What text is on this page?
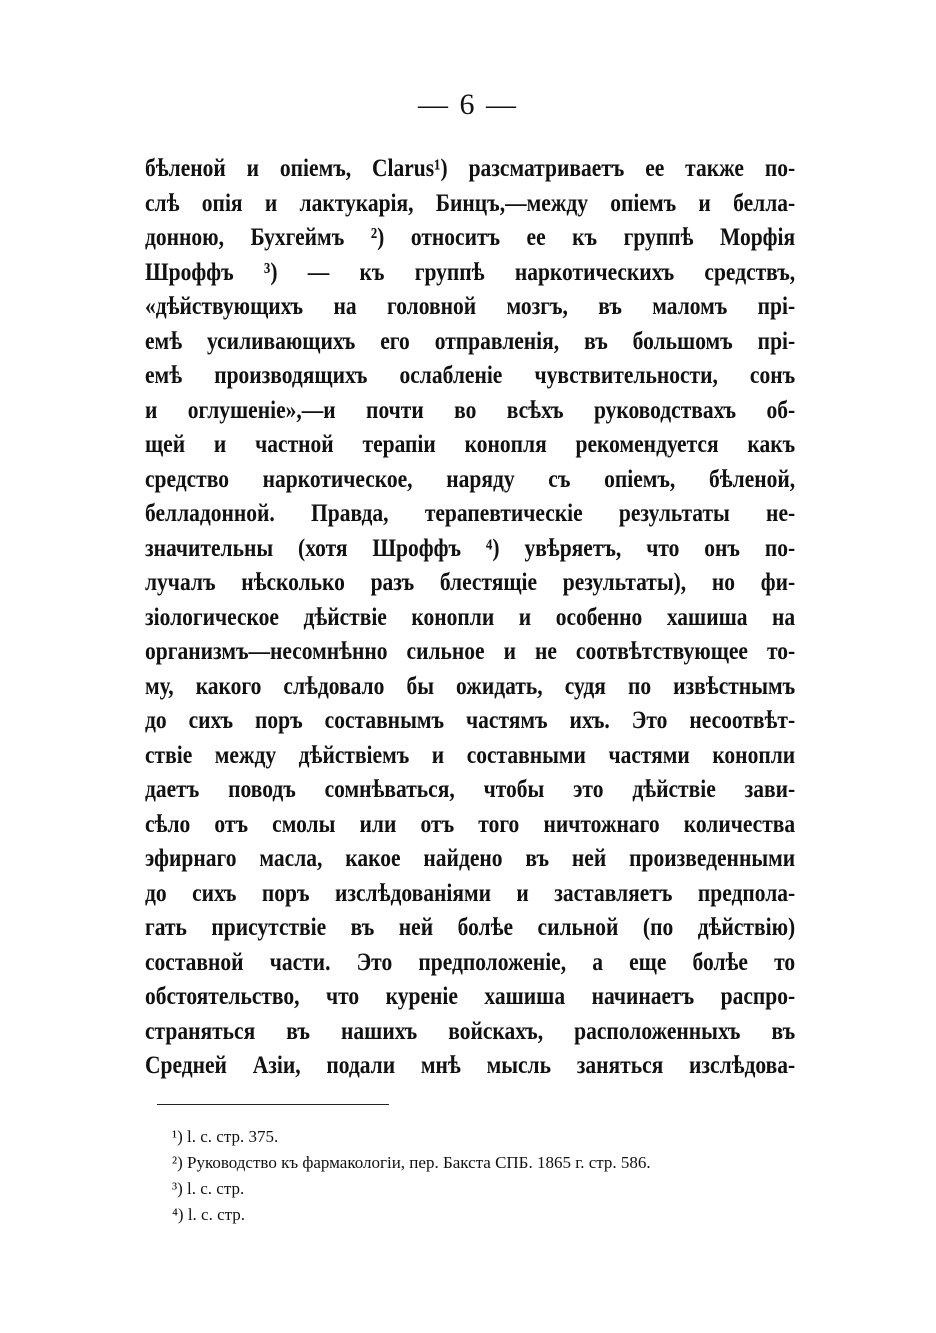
— 6 —
бѣленой и опiемъ, Clarus¹) разсматриваетъ ее также по-
слѣ опiя и лактукарiя, Бинцъ,—между опiемъ и белла-
донною, Бухгеймъ ²) относитъ ее къ группѣ Морфiя
Шроффъ ³) — къ группѣ наркотическихъ средствъ,
«дѣйствующихъ на головной мозгъ, въ маломъ прi-
емѣ усиливающихъ его отправленiя, въ большомъ прi-
емѣ производящихъ ослабленiе чувствительности, сонъ
и оглушенiе»,—и почти во всѣхъ руководствахъ об-
щей и частной терапiи конопля рекомендуется какъ
средство наркотическое, наряду съ опiемъ, бѣленой,
белладонной. Правда, терапевтическiе результаты не-
значительны (хотя Шроффъ ⁴) увѣряетъ, что онъ по-
лучалъ нѣсколько разъ блестящiе результаты), но фи-
зiологическое дѣйствiе конопли и особенно хашиша на
организмъ—несомнѣнно сильное и не соотвѣтствующее то-
му, какого слѣдовало бы ожидать, судя по извѣстнымъ
до сихъ поръ составнымъ частямъ ихъ. Это несоотвѣт-
ствiе между дѣйствiемъ и составными частями конопли
даетъ поводъ сомнѣваться, чтобы это дѣйствiе зави-
сѣло отъ смолы или отъ того ничтожнаго количества
эфирнаго масла, какое найдено въ ней произведенными
до сихъ поръ изслѣдованiями и заставляетъ предпола-
гать присутствiе въ ней болѣе сильной (по дѣйствiю)
составной части. Это предположенiе, а еще болѣе то
обстоятельство, что куренiе хашиша начинаетъ распро-
страняться въ нашихъ войскахъ, расположенныхъ въ
Средней Азiи, подали мнѣ мысль заняться изслѣдова-
¹) l. c. стр. 375.
²) Руководство къ фармакологiи, пер. Бакста СПБ. 1865 г. стр. 586.
³) l. c. стр.
⁴) l. c. стр.
